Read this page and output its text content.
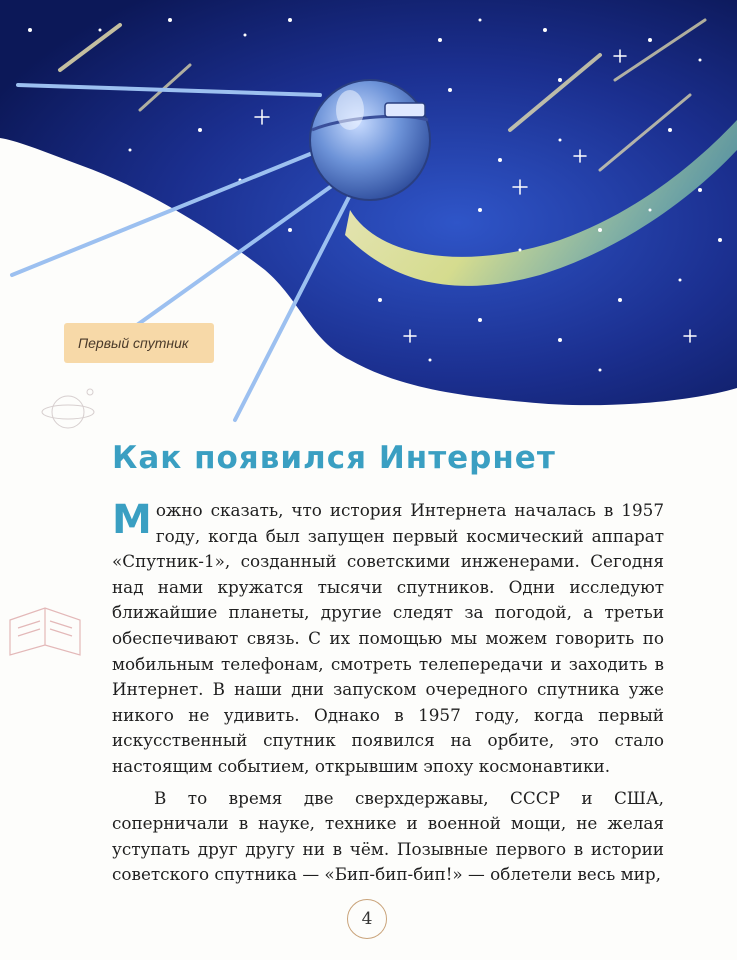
Первый спутник
Как появился Интернет

Можно сказать, что история Интернета началась в 1957 году, когда был запущен первый космический аппарат «Спутник-1», созданный советскими инженерами. Сегодня над нами кружатся тысячи спутников. Одни исследуют ближайшие планеты, другие следят за погодой, а третьи обеспечивают связь. С их помощью мы можем говорить по мобильным телефонам, смотреть телепередачи и заходить в Интернет. В наши дни запуском очередного спутника уже никого не удивить. Однако в 1957 году, когда первый искусственный спутник появился на орбите, это стало настоящим событием, открывшим эпоху космонавтики.

В то время две сверхдержавы, СССР и США, соперничали в науке, технике и военной мощи, не желая уступать друг другу ни в чём. Позывные первого в истории советского спутника — «Бип-бип-бип!» — облетели весь мир,

4
